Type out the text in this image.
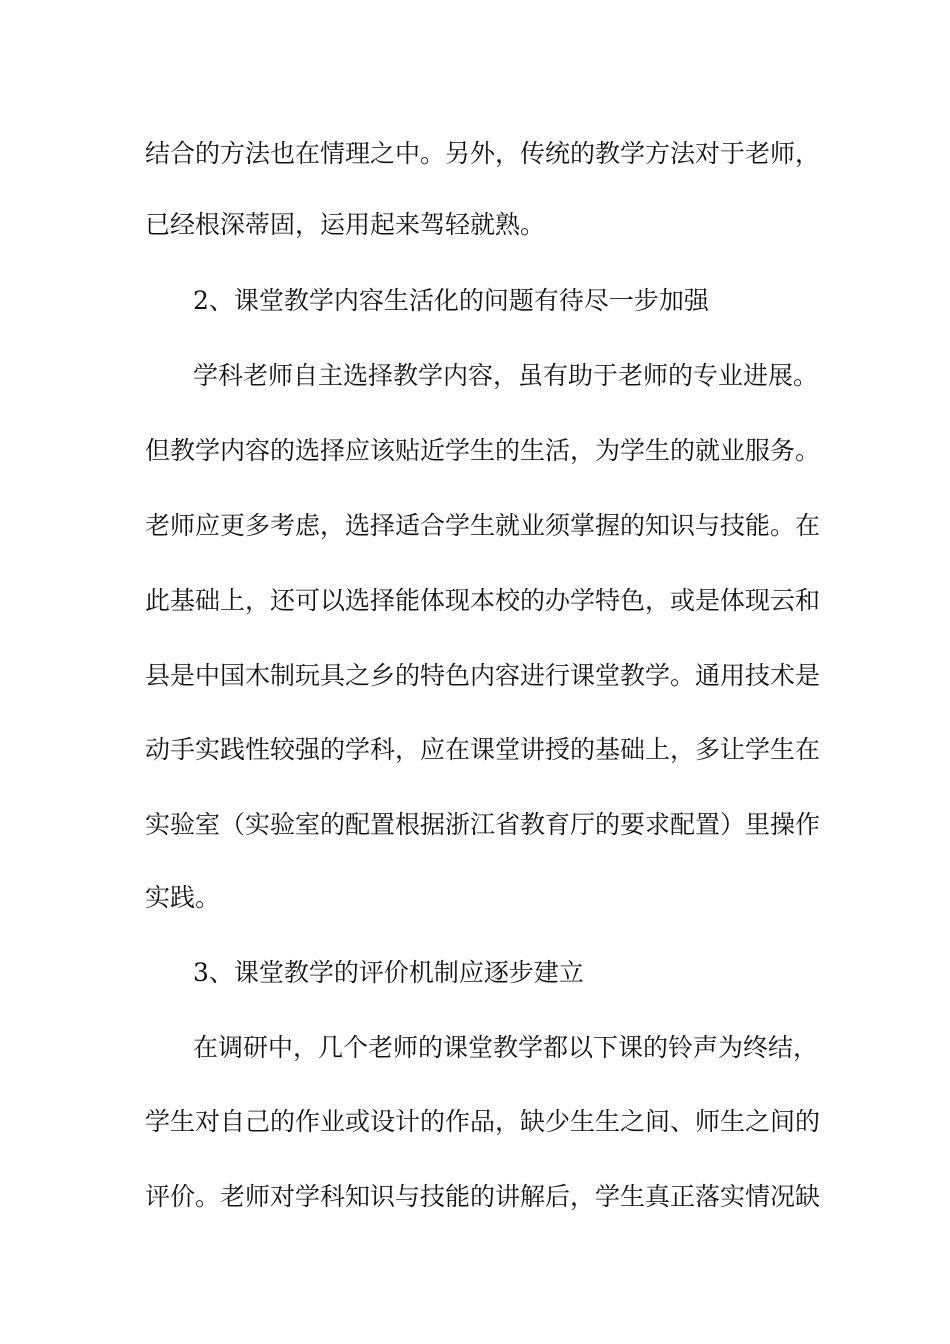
结合的方法也在情理之中。另外，传统的教学方法对于老师，
已经根深蒂固，运用起来驾轻就熟。
2、课堂教学内容生活化的问题有待尽一步加强
学科老师自主选择教学内容，虽有助于老师的专业进展。
但教学内容的选择应该贴近学生的生活，为学生的就业服务。
老师应更多考虑，选择适合学生就业须掌握的知识与技能。在
此基础上，还可以选择能体现本校的办学特色，或是体现云和
县是中国木制玩具之乡的特色内容进行课堂教学。通用技术是
动手实践性较强的学科，应在课堂讲授的基础上，多让学生在
实验室（实验室的配置根据浙江省教育厅的要求配置）里操作
实践。
3、课堂教学的评价机制应逐步建立
在调研中，几个老师的课堂教学都以下课的铃声为终结，
学生对自己的作业或设计的作品，缺少生生之间、师生之间的
评价。老师对学科知识与技能的讲解后，学生真正落实情况缺
